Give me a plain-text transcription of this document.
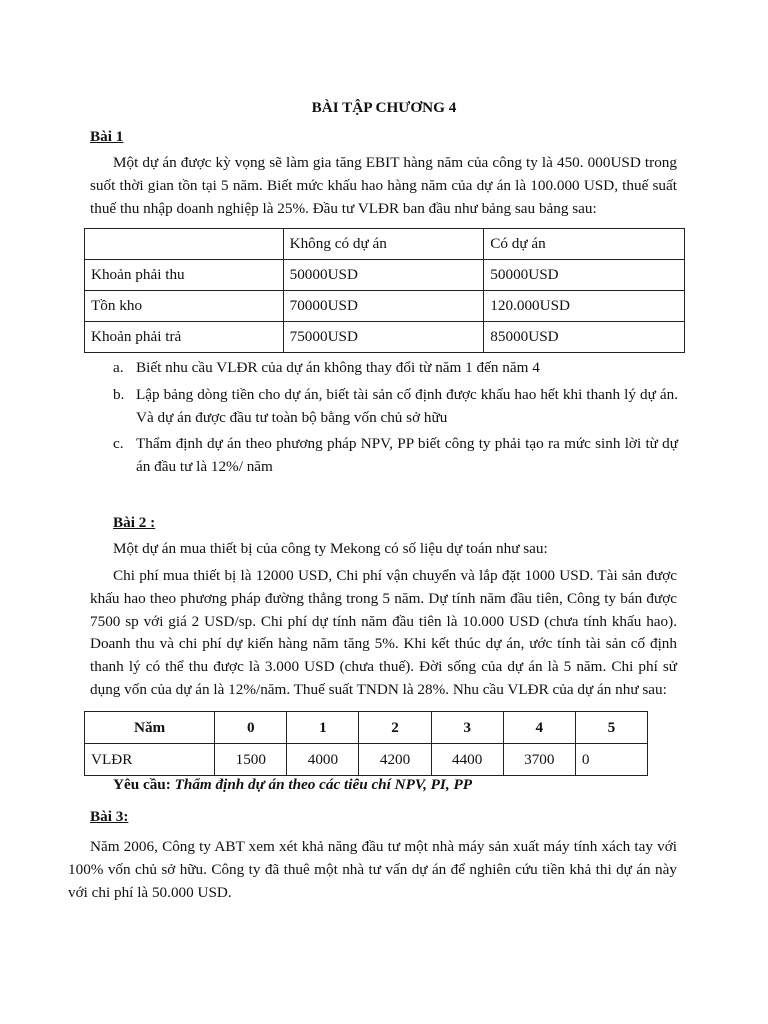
BÀI TẬP CHƯƠNG 4
Bài 1
Một dự án được kỳ vọng sẽ làm gia tăng EBIT hàng năm của công ty là 450. 000USD trong suốt thời gian tồn tại 5 năm. Biết mức khấu hao hàng năm của dự án là 100.000 USD, thuế suất thuế thu nhập doanh nghiệp là 25%. Đầu tư VLĐR ban đầu như bảng sau bảng sau:
	Không có dự án	Có dự án
Khoản phải thu	50000USD	50000USD
Tồn kho	70000USD	120.000USD
Khoản phải trả	75000USD	85000USD
a. Biết nhu cầu VLĐR của dự án không thay đổi từ năm 1 đến năm 4
b. Lập bảng dòng tiền cho dự án, biết tài sản cố định được khấu hao hết khi thanh lý dự án. Và dự án được đầu tư toàn bộ bằng vốn chủ sở hữu
c. Thẩm định dự án theo phương pháp NPV, PP biết công ty phải tạo ra mức sinh lời từ dự án đầu tư là 12%/ năm
Bài 2 :
Một dự án mua thiết bị của công ty Mekong có số liệu dự toán như sau:
Chi phí mua thiết bị là 12000 USD, Chi phí vận chuyển và lắp đặt 1000 USD. Tài sản được khấu hao theo phương pháp đường thẳng trong 5 năm. Dự tính năm đầu tiên, Công ty bán được 7500 sp với giá 2 USD/sp. Chi phí dự tính năm đầu tiên là 10.000 USD (chưa tính khấu hao). Doanh thu và chi phí dự kiến hàng năm tăng 5%. Khi kết thúc dự án, ước tính tài sản cố định thanh lý có thể thu được là 3.000 USD (chưa thuế). Đời sống của dự án là 5 năm. Chi phí sử dụng vốn của dự án là 12%/năm. Thuế suất TNDN là 28%. Nhu cầu VLĐR của dự án như sau:
Năm	0	1	2	3	4	5
VLĐR	1500	4000	4200	4400	3700	0
Yêu cầu: Thẩm định dự án theo các tiêu chí NPV, PI, PP
Bài 3:
Năm 2006, Công ty ABT xem xét khả năng đầu tư một nhà máy sản xuất máy tính xách tay với 100% vốn chủ sở hữu. Công ty đã thuê một nhà tư vấn dự án để nghiên cứu tiền khả thi dự án này với chi phí là 50.000 USD.
